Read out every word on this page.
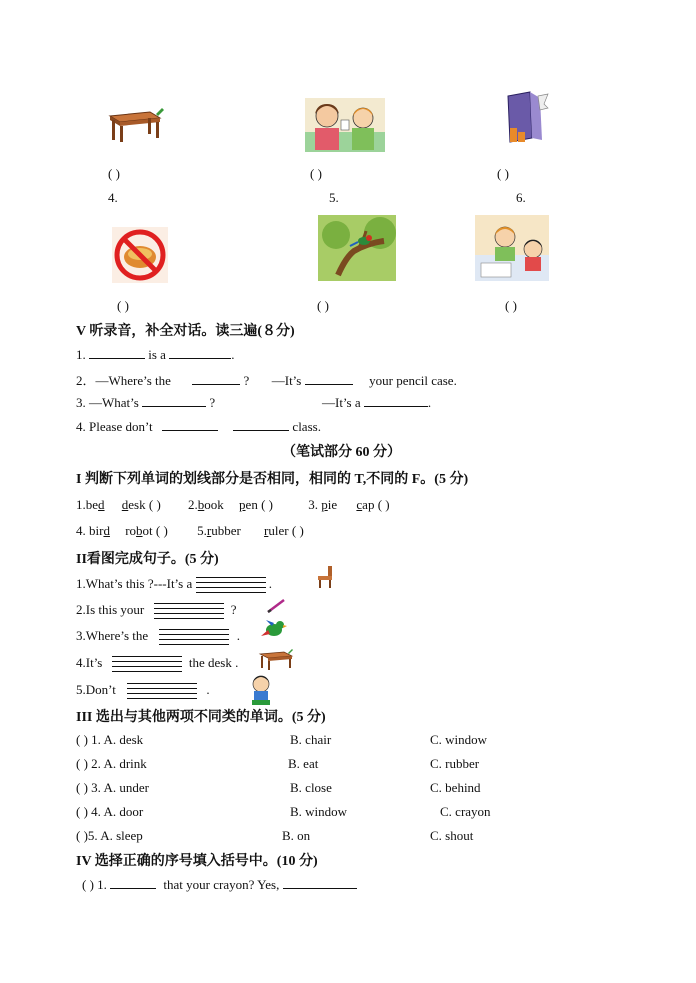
( )	( )	( )
4.	5.	6.
( )	( )	( )
V 听录音，补全对话。读三遍(８分)
1.	is a	.
2．—Where’s the	? —It’s	your pencil case.
3. —What’s	?	—It’s a	.
4. Please don’t	class.
（笔试部分 60 分）
I 判断下列单词的划线部分是否相同，相同的 T,不同的 F。(5 分)
1.bed desk ( ) 2.book pen ( )	3. pie cap ( )
4. bird robot ( ) 5.rubber ruler ( )
II看图完成句子。(5 分)
1.What’s this ?---It’s a	.
2.Is this your	?
3.Where’s the	.
4.It’s	the desk .
5.Don’t	.
III 选出与其他两项不同类的单词。(5 分)
( ) 1. A. desk	B. chair	C. window
( ) 2. A. drink	B. eat	C. rubber
( ) 3. A. under	B. close	C. behind
( ) 4. A. door	B. window	C. crayon
( )5. A. sleep	B. on	C. shout
IV 选择正确的序号填入括号中。(10 分)
( ) 1.	that your crayon? Yes,
